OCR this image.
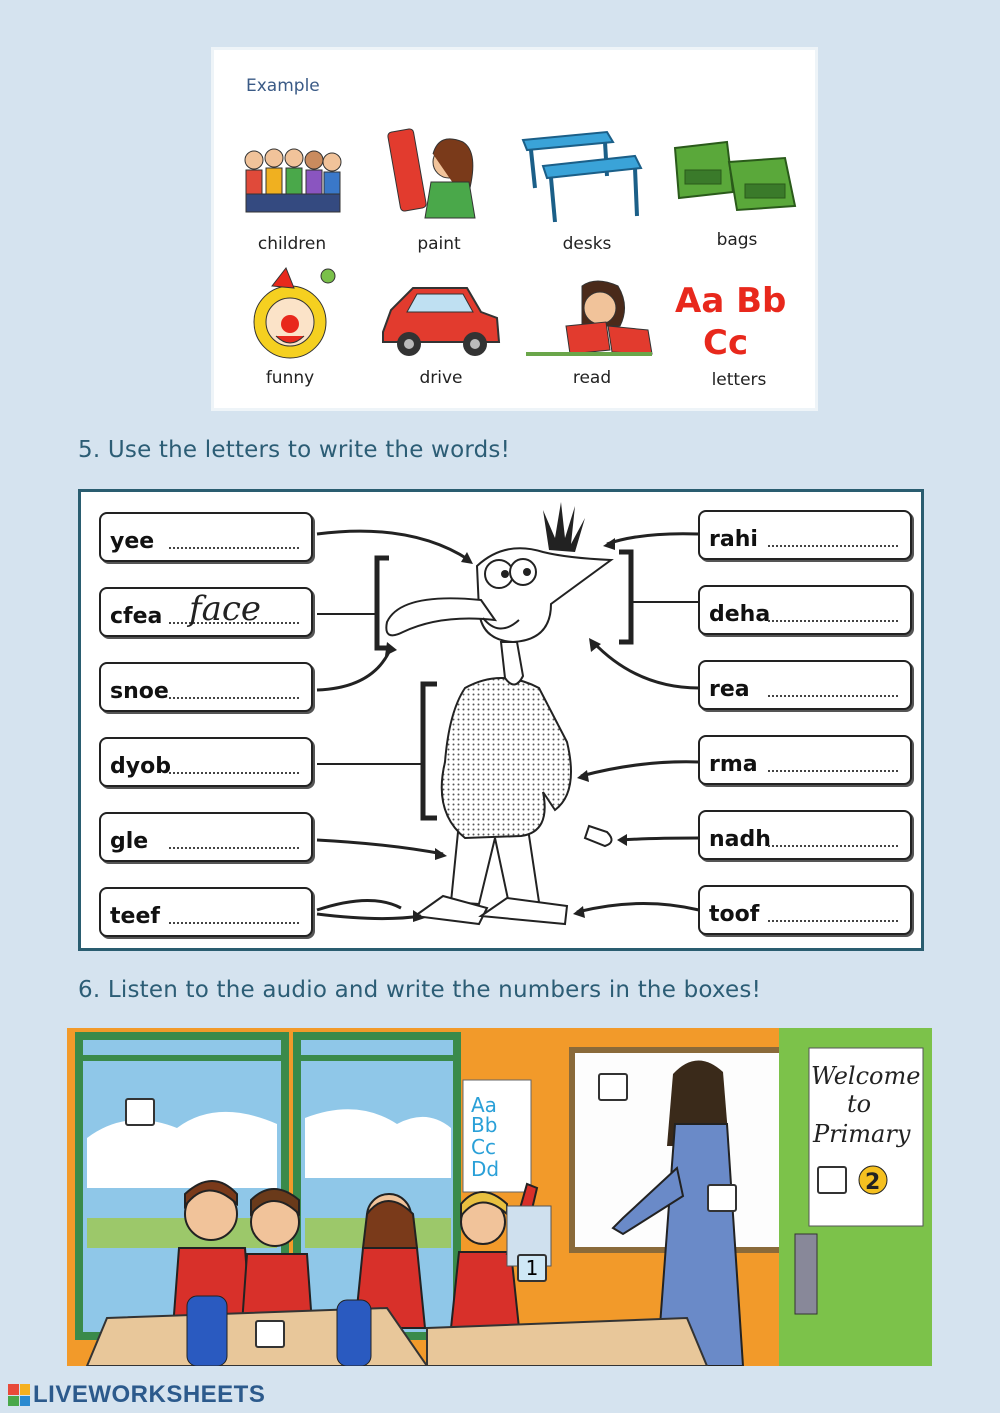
Example
children	paint	desks	bags
funny	drive	read
Aa Bb
Cc
letters
5. Use the letters to write the words!
yee
cfea face
snoe
dyob
gle
teef
rahi
deha
rea
rma
nadh
toof
6. Listen to the audio and write the numbers in the boxes!
Aa
Bb
Cc
Dd
Welcome
to
Primary
2
1
LIVEWORKSHEETS
